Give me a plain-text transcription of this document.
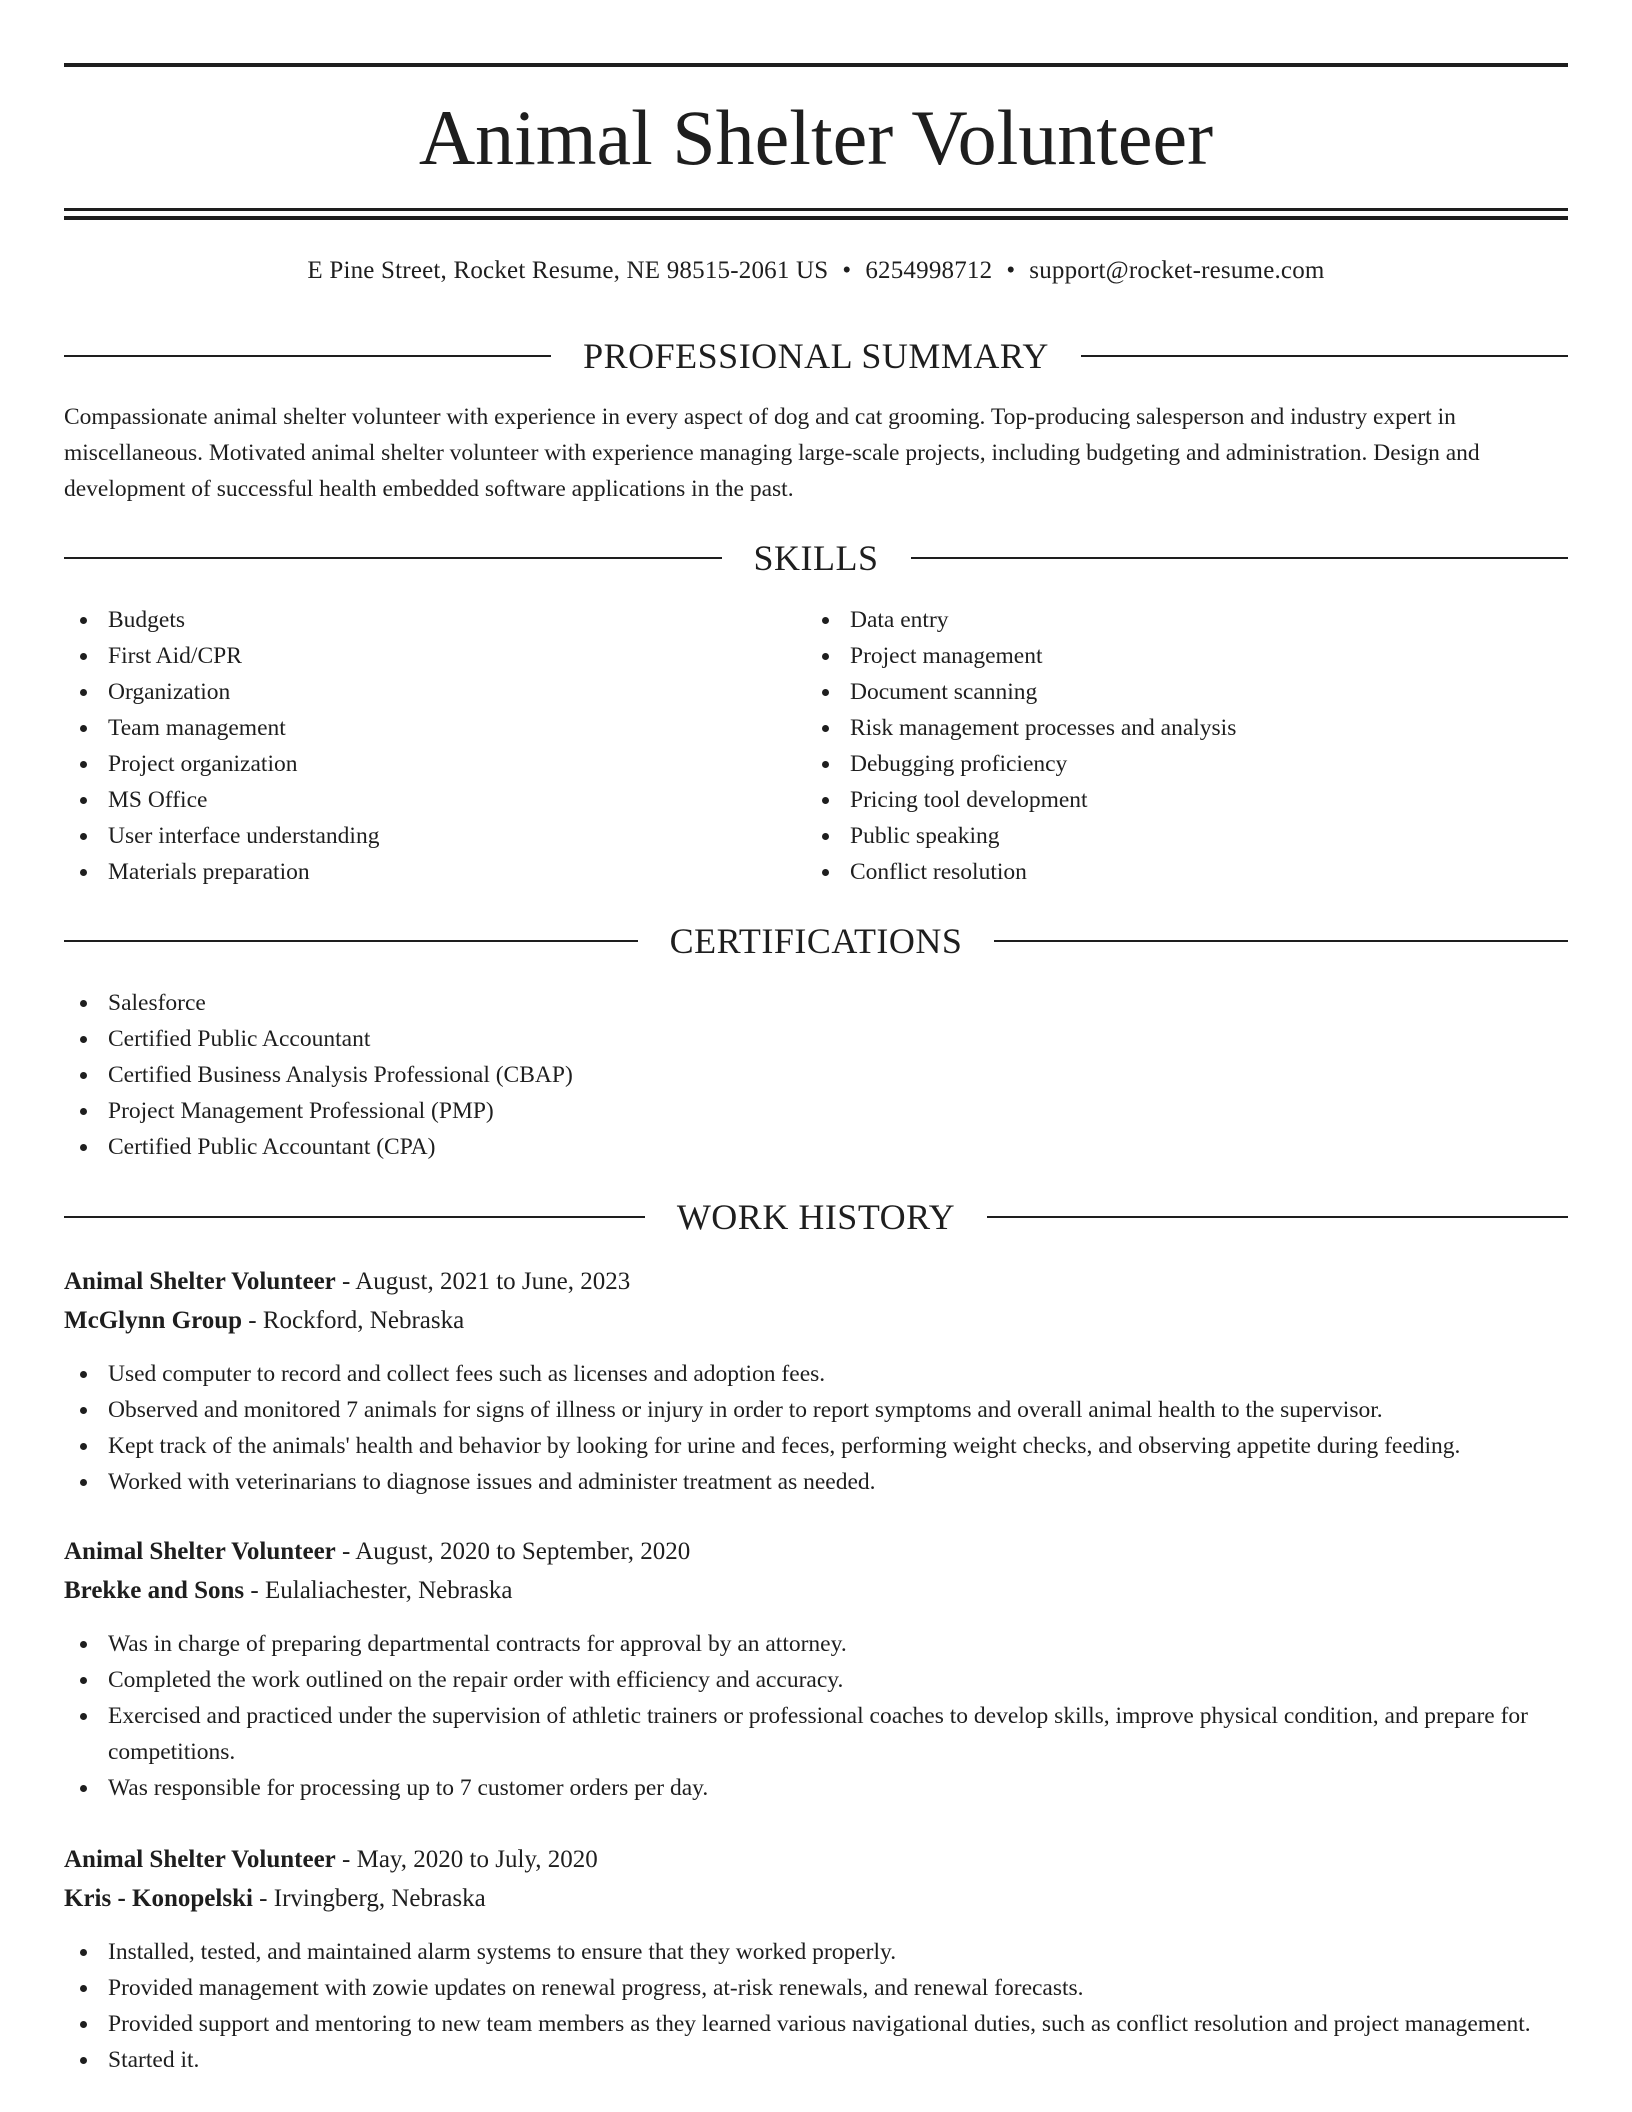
Animal Shelter Volunteer
E Pine Street, Rocket Resume, NE 98515-2061 US • 6254998712 • support@rocket-resume.com
PROFESSIONAL SUMMARY

Compassionate animal shelter volunteer with experience in every aspect of dog and cat grooming. Top-producing salesperson and industry expert in miscellaneous. Motivated animal shelter volunteer with experience managing large-scale projects, including budgeting and administration. Design and development of successful health embedded software applications in the past.

SKILLS
Budgets
First Aid/CPR
Organization
Team management
Project organization
MS Office
User interface understanding
Materials preparation
Data entry
Project management
Document scanning
Risk management processes and analysis
Debugging proficiency
Pricing tool development
Public speaking
Conflict resolution
CERTIFICATIONS
Salesforce
Certified Public Accountant
Certified Business Analysis Professional (CBAP)
Project Management Professional (PMP)
Certified Public Accountant (CPA)
WORK HISTORY
Animal Shelter Volunteer - August, 2021 to June, 2023
McGlynn Group - Rockford, Nebraska
Used computer to record and collect fees such as licenses and adoption fees.
Observed and monitored 7 animals for signs of illness or injury in order to report symptoms and overall animal health to the supervisor.
Kept track of the animals' health and behavior by looking for urine and feces, performing weight checks, and observing appetite during feeding.
Worked with veterinarians to diagnose issues and administer treatment as needed.
Animal Shelter Volunteer - August, 2020 to September, 2020
Brekke and Sons - Eulaliachester, Nebraska
Was in charge of preparing departmental contracts for approval by an attorney.
Completed the work outlined on the repair order with efficiency and accuracy.
Exercised and practiced under the supervision of athletic trainers or professional coaches to develop skills, improve physical condition, and prepare for competitions.
Was responsible for processing up to 7 customer orders per day.
Animal Shelter Volunteer - May, 2020 to July, 2020
Kris - Konopelski - Irvingberg, Nebraska
Installed, tested, and maintained alarm systems to ensure that they worked properly.
Provided management with zowie updates on renewal progress, at-risk renewals, and renewal forecasts.
Provided support and mentoring to new team members as they learned various navigational duties, such as conflict resolution and project management.
Started it.
